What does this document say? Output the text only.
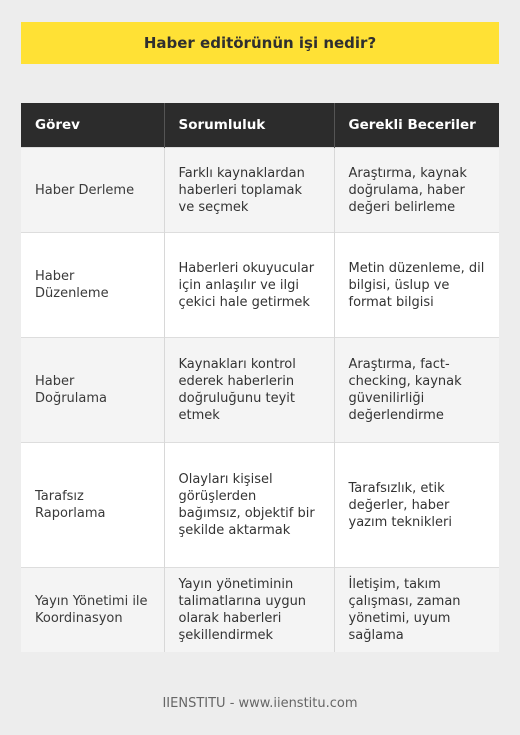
Haber editörünün işi nedir?
Görev	Sorumluluk	Gerekli Beceriler
Haber Derleme	Farklı kaynaklardan haberleri toplamak ve seçmek	Araştırma, kaynak doğrulama, haber değeri belirleme
Haber Düzenleme	Haberleri okuyucular için anlaşılır ve ilgi çekici hale getirmek	Metin düzenleme, dil bilgisi, üslup ve format bilgisi
Haber Doğrulama	Kaynakları kontrol ederek haberlerin doğruluğunu teyit etmek	Araştırma, fact-checking, kaynak güvenilirliği değerlendirme
Tarafsız Raporlama	Olayları kişisel görüşlerden bağımsız, objektif bir şekilde aktarmak	Tarafsızlık, etik değerler, haber yazım teknikleri
Yayın Yönetimi ile Koordinasyon	Yayın yönetiminin talimatlarına uygun olarak haberleri şekillendirmek	İletişim, takım çalışması, zaman yönetimi, uyum sağlama
IIENSTITU - www.iienstitu.com
